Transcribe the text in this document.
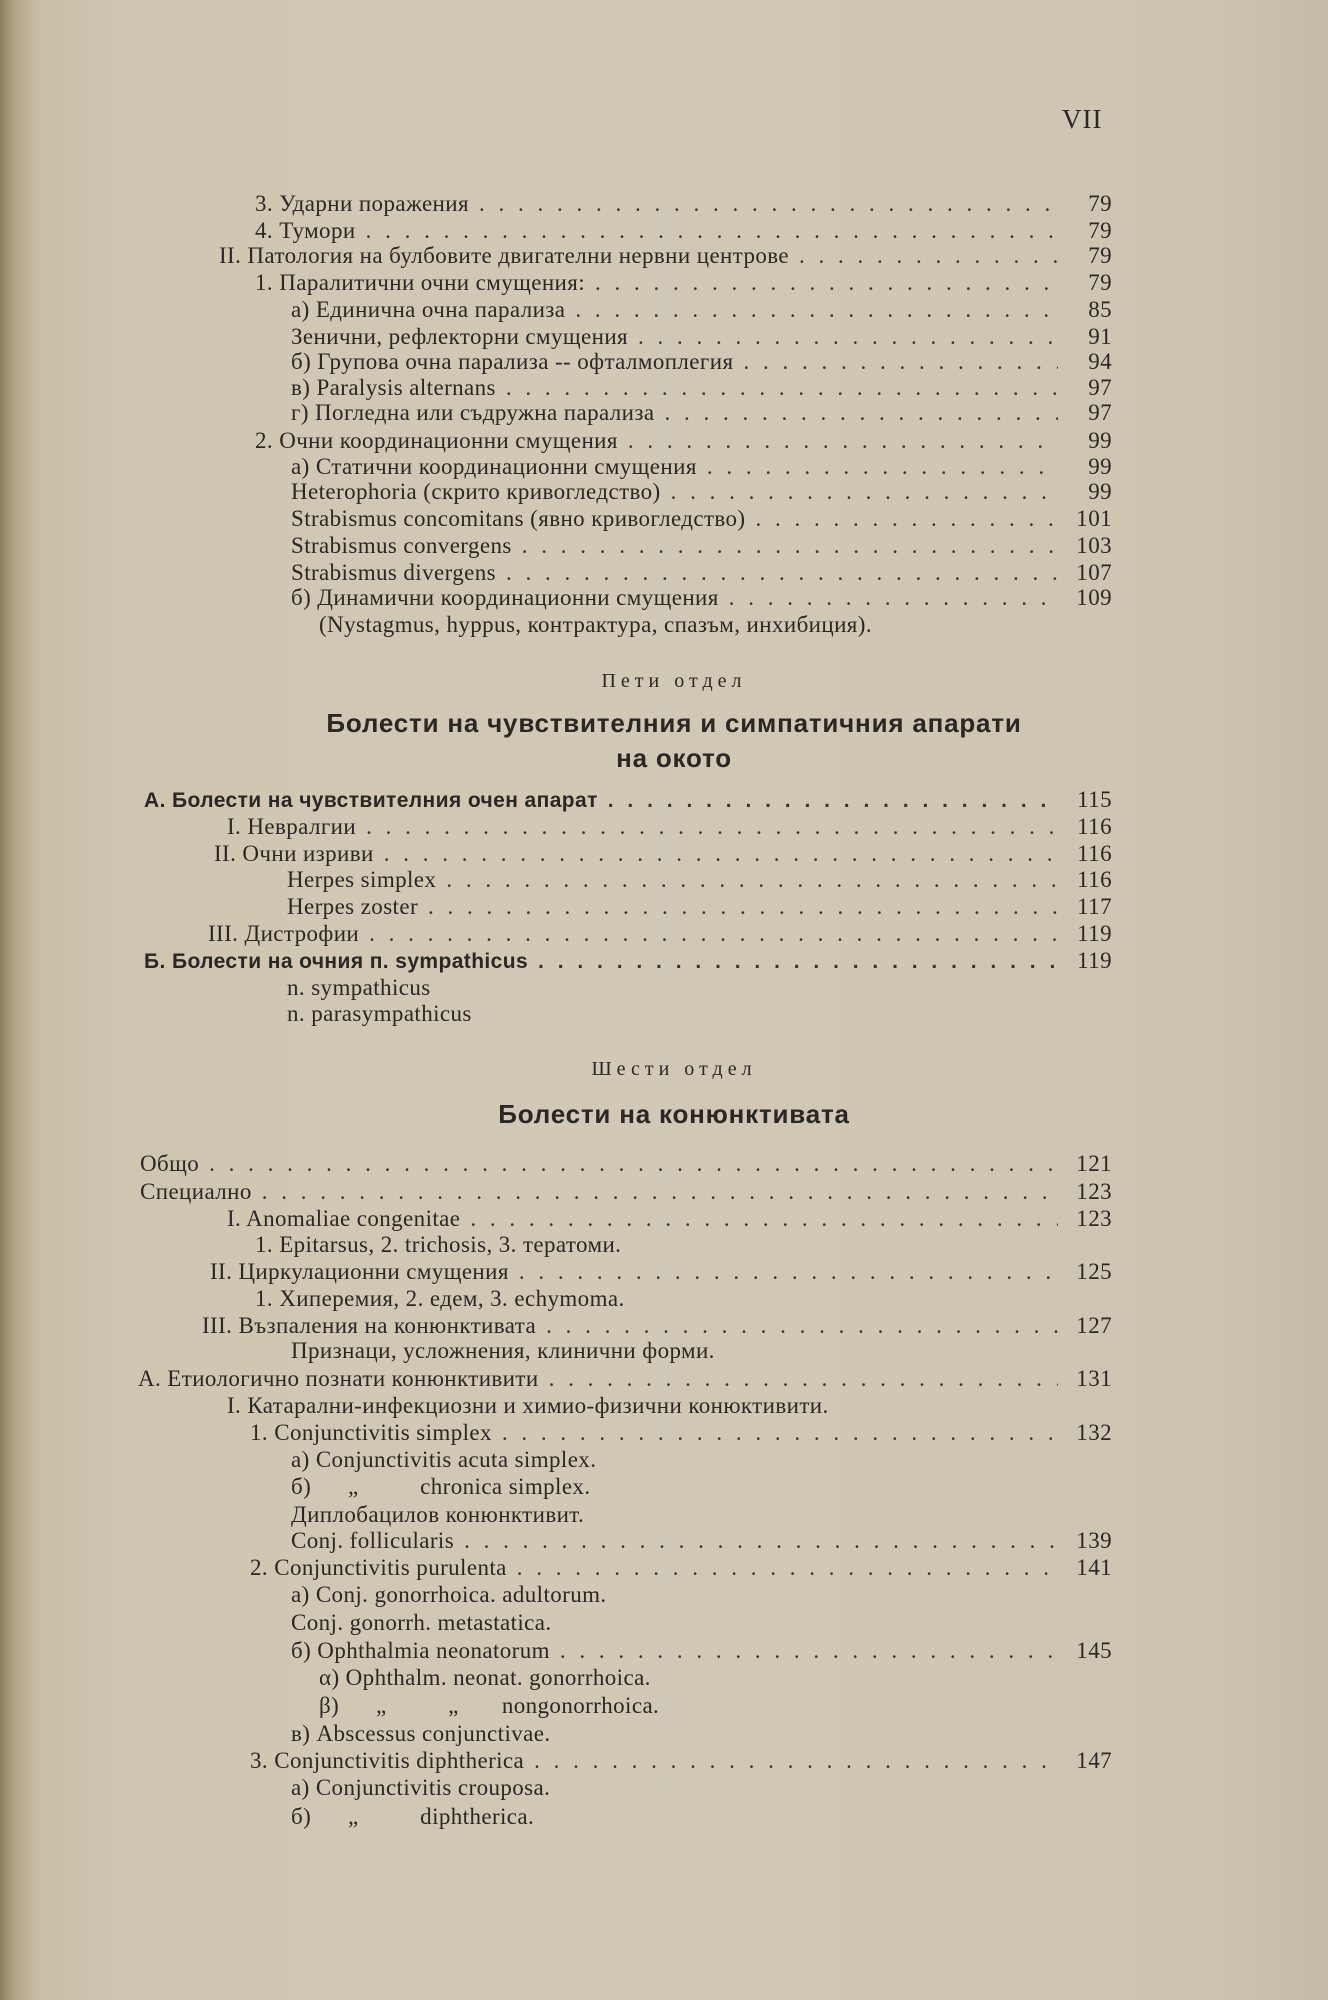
VII
3. Ударни поражения . . .	79
4. Тумори . . .	79
II. Патология на булбовите двигателни нервни центрове . . .	79
1. Паралитични очни смущения: . . .	79
а) Единична очна парализа . . .	85
Зенични, рефлекторни смущения . . .	91
б) Групова очна парализа -- офталмоплегия . . .	94
в) Paralysis alternans . . .	97
г) Погледна или съдружна парализа . . .	97
2. Очни координационни смущения . . .	99
а) Статични координационни смущения . . .	99
Heterophoria (скрито кривогледство) . . .	99
Strabismus concomitans (явно кривогледство) . . .	101
Strabismus convergens . . .	103
Strabismus divergens . . .	107
б) Динамични координационни смущения . . .	109
(Nystagmus, hyppus, контрактура, спазъм, инхибиция).
Пети отдел
Болести на чувствителния и симпатичния апарати
на окото
А. Болести на чувствителния очен апарат . . .	115
I. Невралгии . . .	116
II. Очни изриви . . .	116
Herpes simplex . . .	116
Herpes zoster . . .	117
III. Дистрофии . . .	119
Б. Болести на очния п. sympathicus . . .	119
n. sympathicus
n. parasympathicus
Шести отдел
Болести на конюнктивата
Общо . . .	121
Специално . . .	123
I. Anomaliae congenitae . . .	123
1. Epitarsus, 2. trichosis, 3. тератоми.
II. Циркулационни смущения . . .	125
1. Хиперемия, 2. едем, 3. echymoma.
III. Възпаления на конюнктивата . . .	127
Признаци, усложнения, клинични форми.
А. Етиологично познати конюнктивити . . .	131
I. Катарални-инфекциозни и химио-физични конюктивити.
1. Conjunctivitis simplex . . .	132
а) Conjunctivitis acuta simplex.
б)      „          chronica simplex.
Диплобацилов конюнктивит.
Conj. follicularis . . .	139
2. Conjunctivitis purulenta . . .	141
а) Conj. gonorrhoica. adultorum.
Conj. gonorrh. metastatica.
б) Ophthalmia neonatorum . . .	145
α) Ophthalm. neonat. gonorrhoica.
β)      „          „       nongonorrhoica.
в) Abscessus conjunctivae.
3. Conjunctivitis diphtherica . . .	147
а) Conjunctivitis crouposa.
б)      „          diphtherica.
